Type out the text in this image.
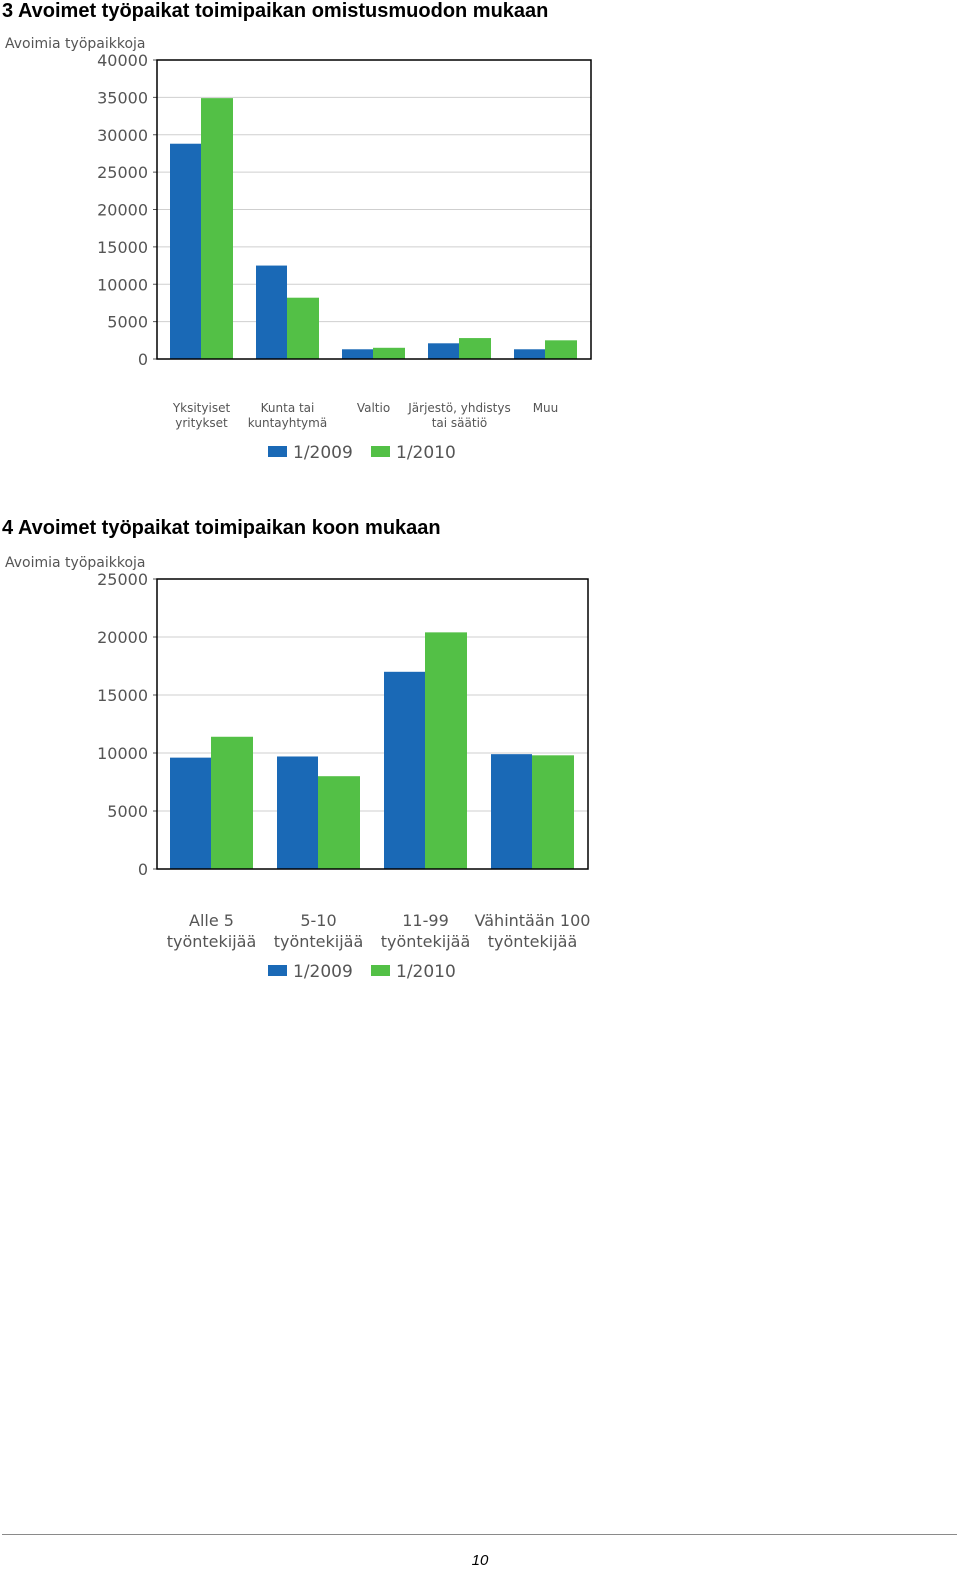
3 Avoimet työpaikat toimipaikan omistusmuodon mukaan
Avoimia työpaikkoja
0
5000
10000
15000
20000
25000
30000
35000
40000
Yksityiset
yritykset
Kunta tai
kuntayhtymä
Valtio Järjestö, yhdistys
tai säätiö
Muu
1/2009	1/2010
4 Avoimet työpaikat toimipaikan koon mukaan
Avoimia työpaikkoja
0
5000
10000
15000
20000
25000
Alle 5
työntekijää
5-10
työntekijää
11-99
työntekijää
Vähintään 100
työntekijää
1/2009	1/2010
10
